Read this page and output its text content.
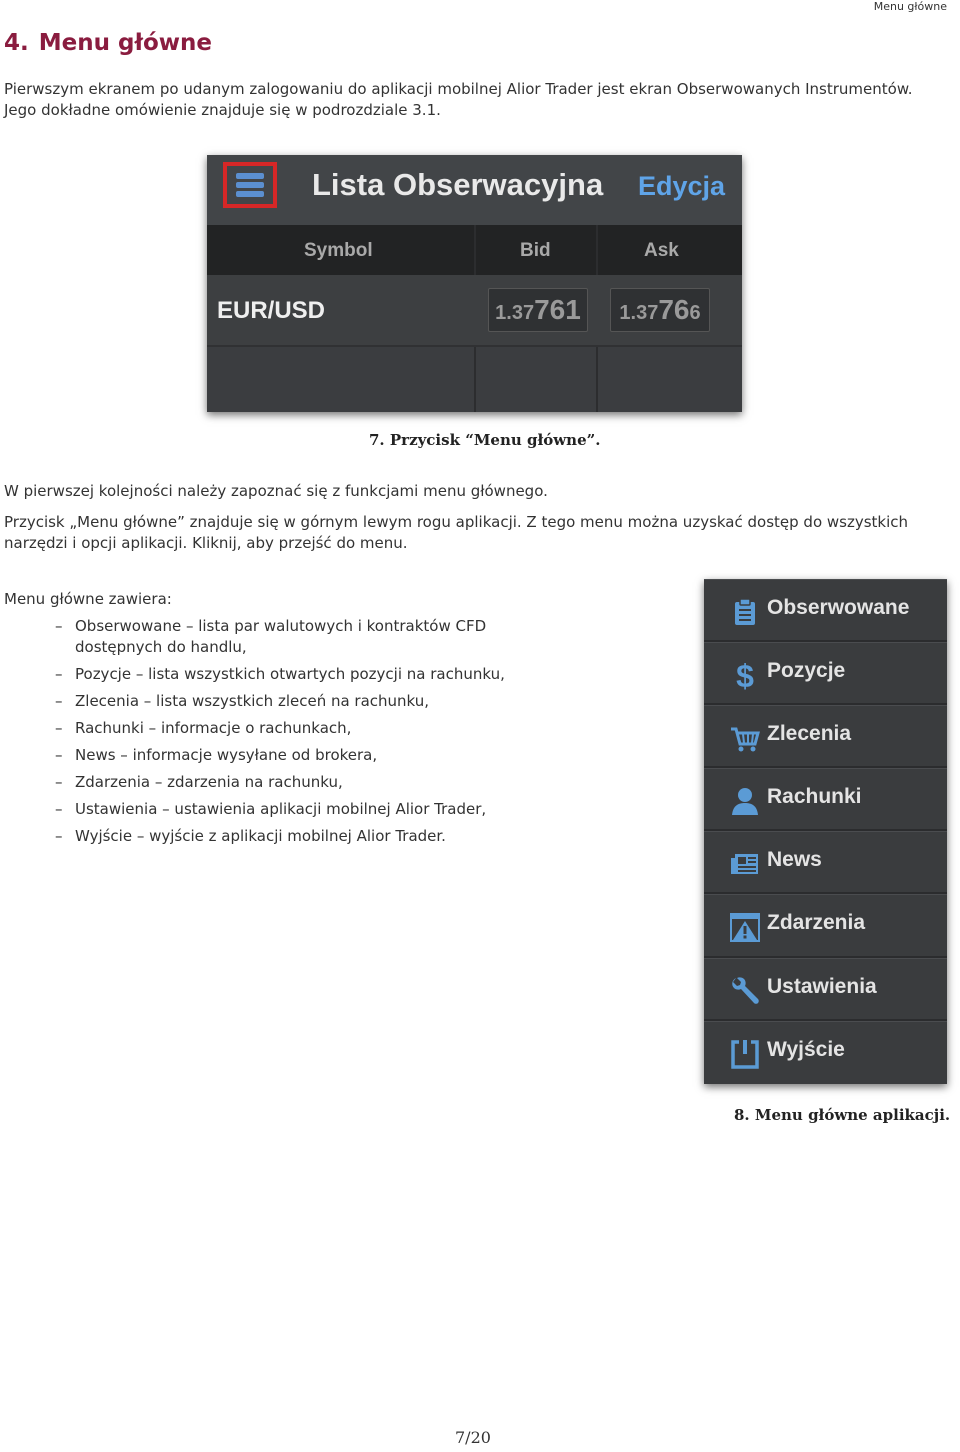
Menu główne
4. Menu główne
Pierwszym ekranem po udanym zalogowaniu do aplikacji mobilnej Alior Trader jest ekran Obserwowanych Instrumentów. Jego dokładne omówienie znajduje się w podrozdziale 3.1.
Lista Obserwacyjna Edycja
Symbol	Bid	Ask
EUR/USD	1.37761	1.37766
7. Przycisk “Menu główne”.
W pierwszej kolejności należy zapoznać się z funkcjami menu głównego.
Przycisk „Menu główne” znajduje się w górnym lewym rogu aplikacji. Z tego menu można uzyskać dostęp do wszystkich narzędzi i opcji aplikacji. Kliknij, aby przejść do menu.
Menu główne zawiera:
– Obserwowane – lista par walutowych i kontraktów CFD dostępnych do handlu,
– Pozycje – lista wszystkich otwartych pozycji na rachunku,
– Zlecenia – lista wszystkich zleceń na rachunku,
– Rachunki – informacje o rachunkach,
– News – informacje wysyłane od brokera,
– Zdarzenia – zdarzenia na rachunku,
– Ustawienia – ustawienia aplikacji mobilnej Alior Trader,
– Wyjście – wyjście z aplikacji mobilnej Alior Trader.
Obserwowane
$ Pozycje
Zlecenia
Rachunki
News
Zdarzenia
Ustawienia
Wyjście
8. Menu główne aplikacji.
7/20
